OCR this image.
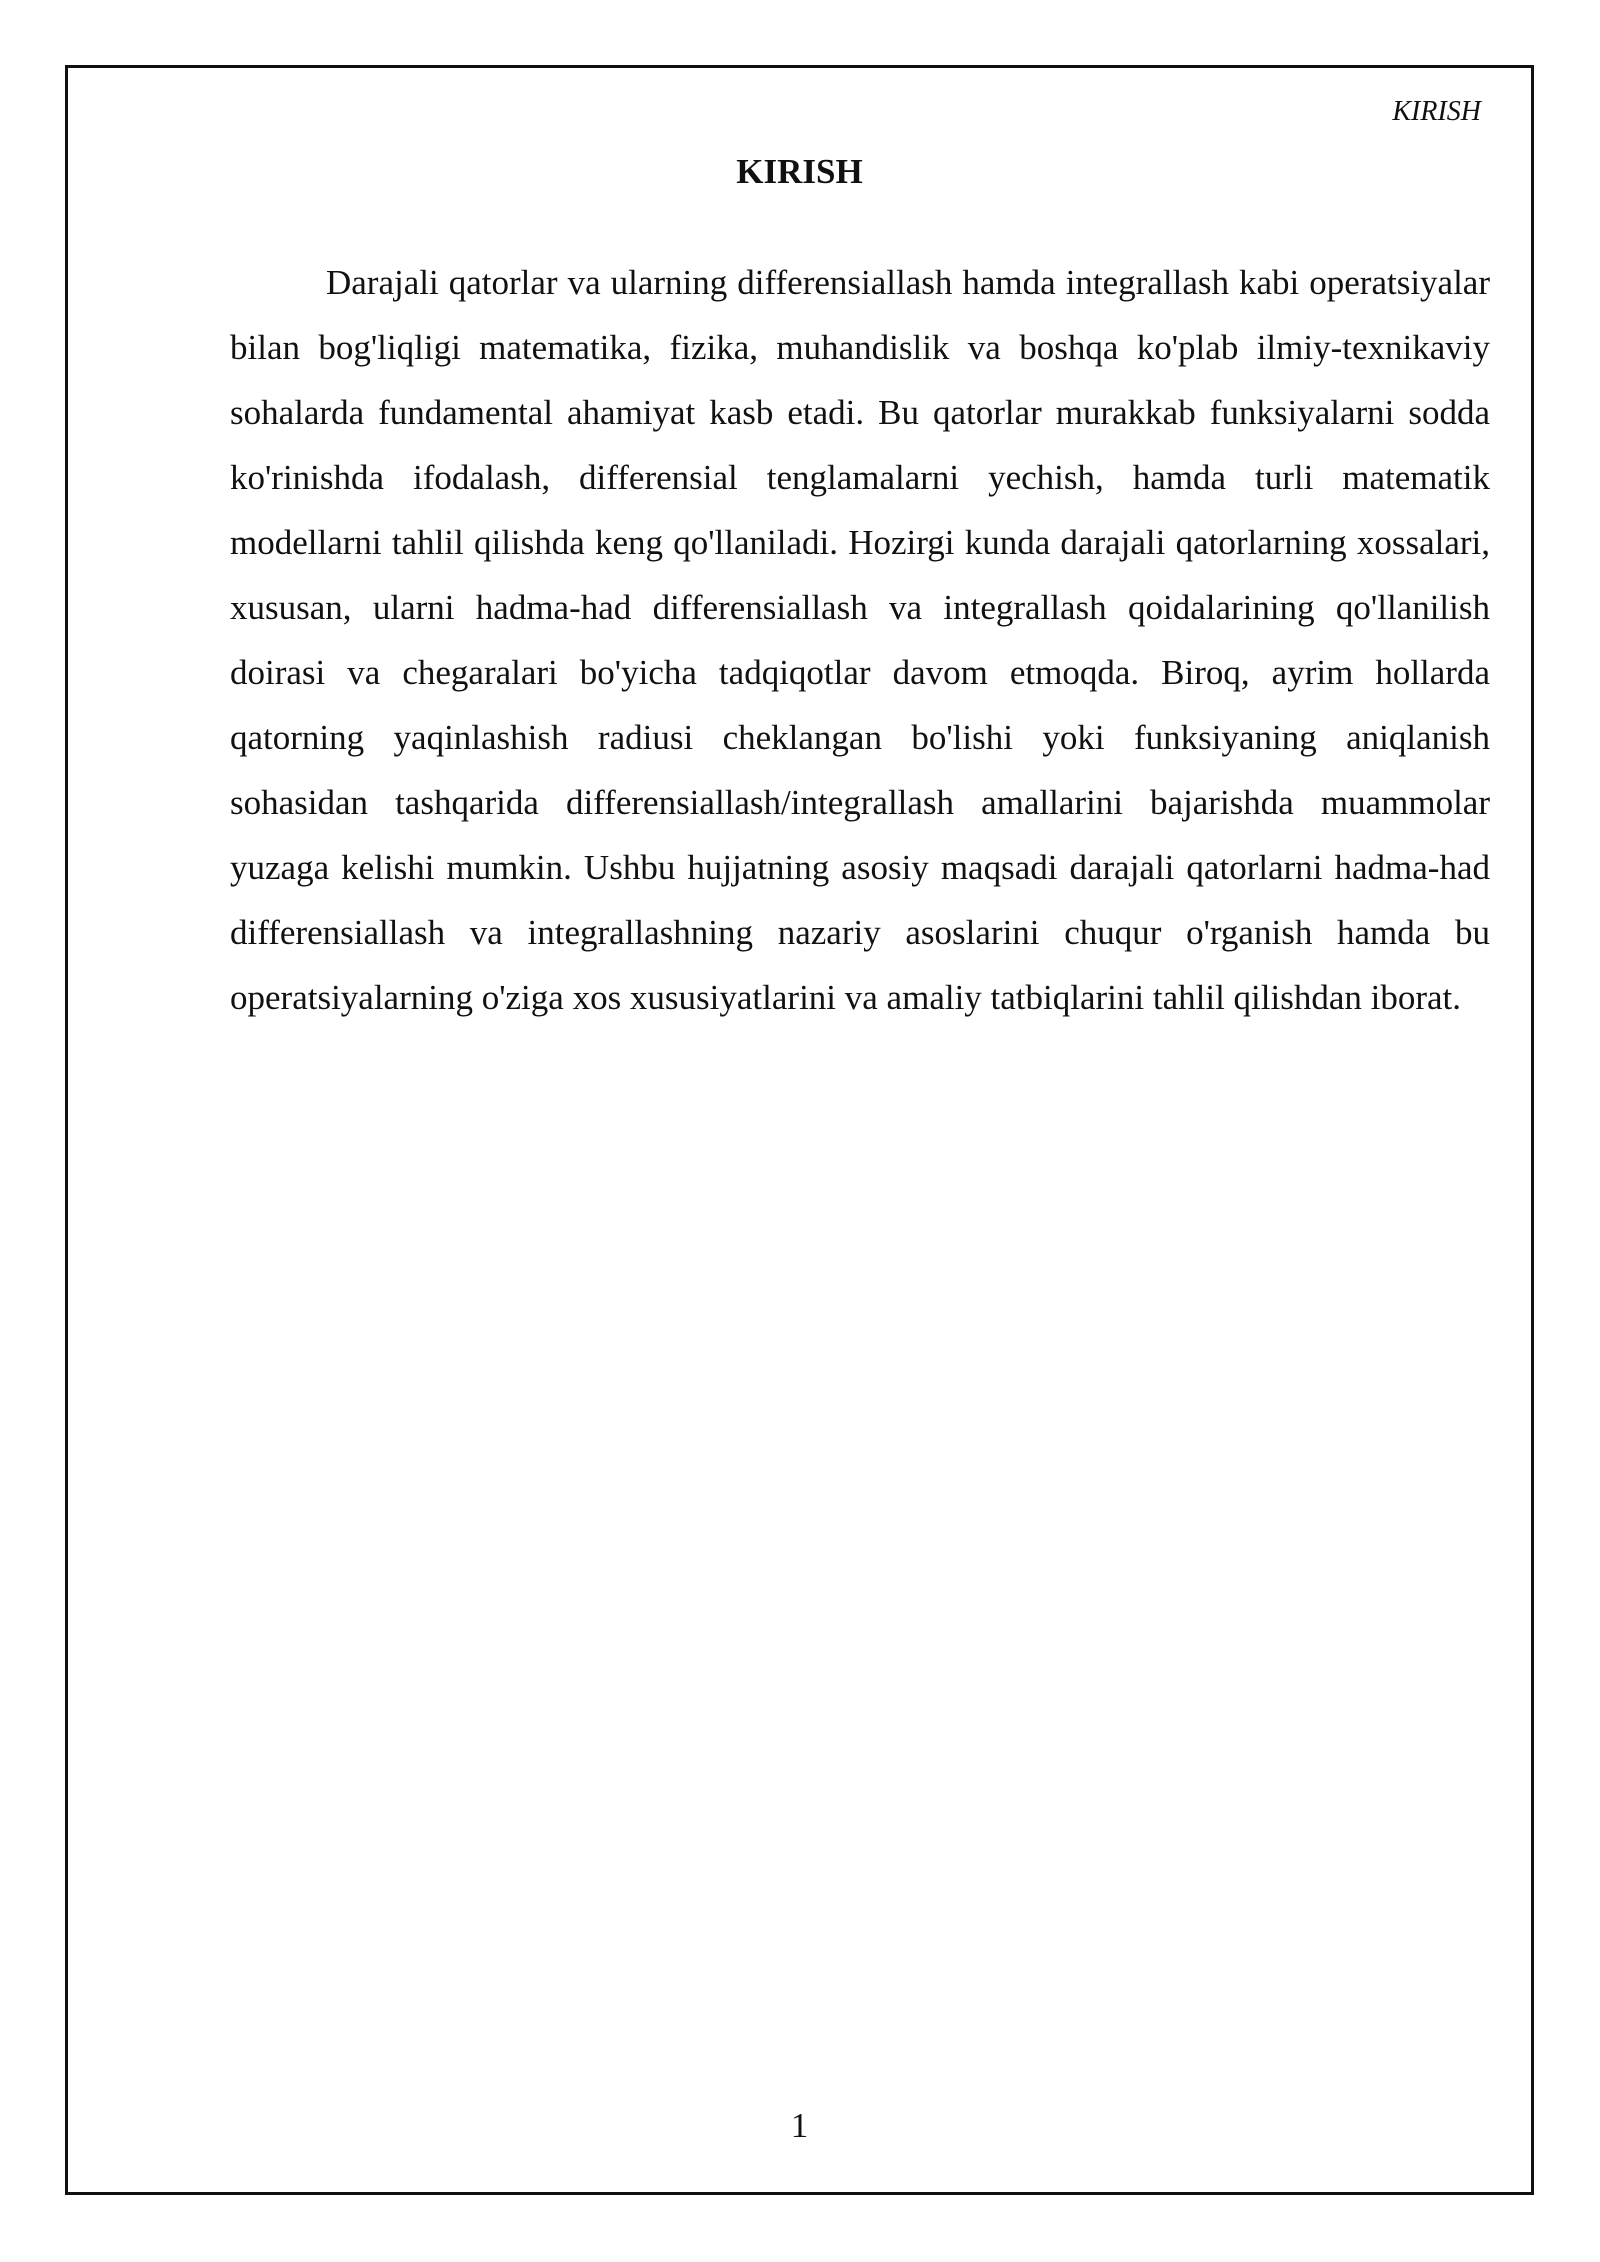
KIRISH
KIRISH

Darajali qatorlar va ularning differensiallash hamda integrallash kabi operatsiyalar bilan bog'liqligi matematika, fizika, muhandislik va boshqa ko'plab ilmiy-texnikaviy sohalarda fundamental ahamiyat kasb etadi. Bu qatorlar murakkab funksiyalarni sodda ko'rinishda ifodalash, differensial tenglamalarni yechish, hamda turli matematik modellarni tahlil qilishda keng qo'llaniladi. Hozirgi kunda darajali qatorlarning xossalari, xususan, ularni hadma-had differensiallash va integrallash qoidalarining qo'llanilish doirasi va chegaralari bo'yicha tadqiqotlar davom etmoqda. Biroq, ayrim hollarda qatorning yaqinlashish radiusi cheklangan bo'lishi yoki funksiyaning aniqlanish sohasidan tashqarida differensiallash/integrallash amallarini bajarishda muammolar yuzaga kelishi mumkin. Ushbu hujjatning asosiy maqsadi darajali qatorlarni hadma-had differensiallash va integrallashning nazariy asoslarini chuqur o'rganish hamda bu operatsiyalarning o'ziga xos xususiyatlarini va amaliy tatbiqlarini tahlil qilishdan iborat.

1
